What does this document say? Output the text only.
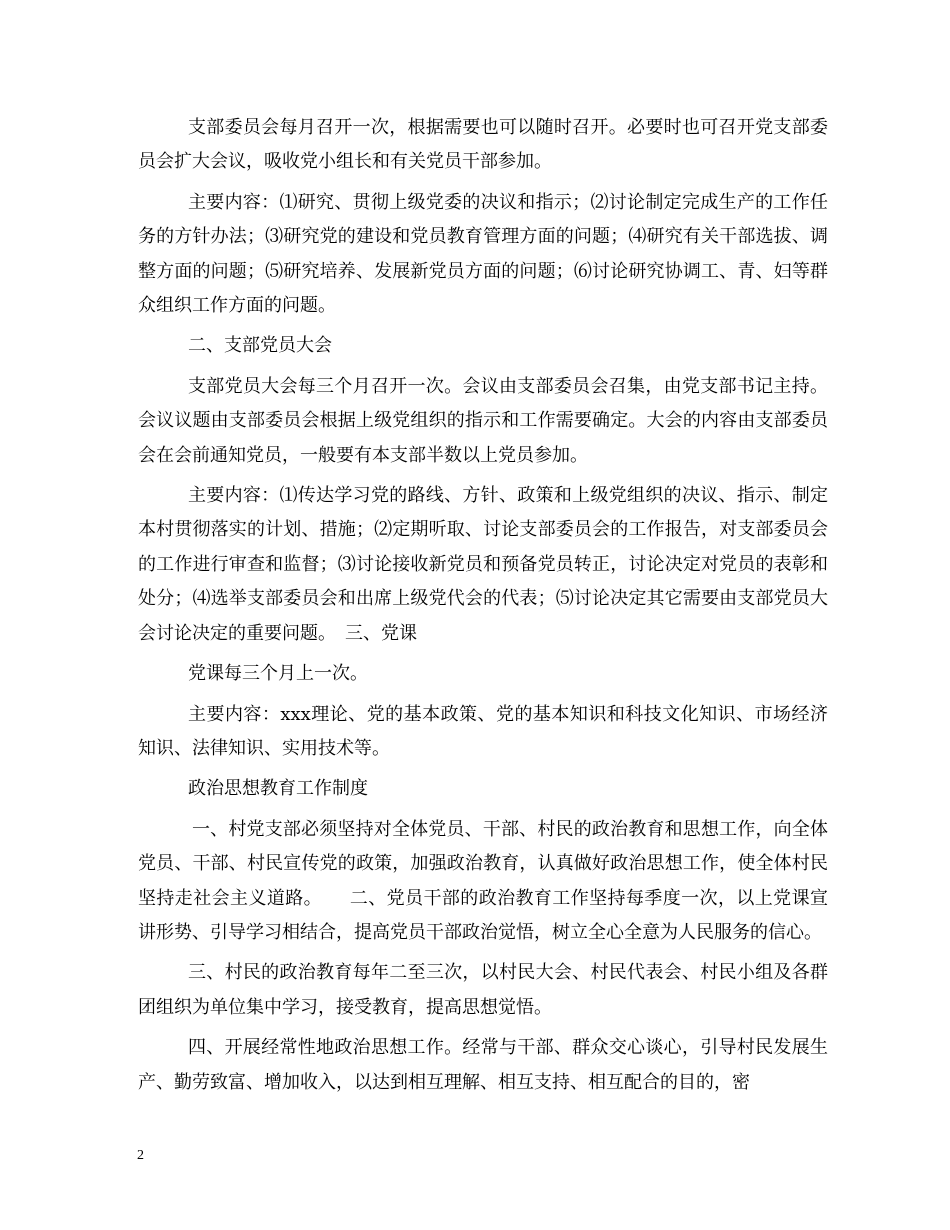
支部委员会每月召开一次，根据需要也可以随时召开。必要时也可召开党支部委员会扩大会议，吸收党小组长和有关党员干部参加。

主要内容：⑴研究、贯彻上级党委的决议和指示；⑵讨论制定完成生产的工作任务的方针办法；⑶研究党的建设和党员教育管理方面的问题；⑷研究有关干部选拔、调整方面的问题；⑸研究培养、发展新党员方面的问题；⑹讨论研究协调工、青、妇等群众组织工作方面的问题。

二、支部党员大会

支部党员大会每三个月召开一次。会议由支部委员会召集，由党支部书记主持。会议议题由支部委员会根据上级党组织的指示和工作需要确定。大会的内容由支部委员会在会前通知党员，一般要有本支部半数以上党员参加。

主要内容：⑴传达学习党的路线、方针、政策和上级党组织的决议、指示、制定本村贯彻落实的计划、措施；⑵定期听取、讨论支部委员会的工作报告，对支部委员会的工作进行审查和监督；⑶讨论接收新党员和预备党员转正，讨论决定对党员的表彰和处分；⑷选举支部委员会和出席上级党代会的代表；⑸讨论决定其它需要由支部党员大会讨论决定的重要问题。　三、党课

党课每三个月上一次。

主要内容：xxx理论、党的基本政策、党的基本知识和科技文化知识、市场经济知识、法律知识、实用技术等。

政治思想教育工作制度

一、村党支部必须坚持对全体党员、干部、村民的政治教育和思想工作，向全体党员、干部、村民宣传党的政策，加强政治教育，认真做好政治思想工作，使全体村民坚持走社会主义道路。　　二、党员干部的政治教育工作坚持每季度一次，以上党课宣讲形势、引导学习相结合，提高党员干部政治觉悟，树立全心全意为人民服务的信心。

三、村民的政治教育每年二至三次，以村民大会、村民代表会、村民小组及各群团组织为单位集中学习，接受教育，提高思想觉悟。

四、开展经常性地政治思想工作。经常与干部、群众交心谈心，引导村民发展生产、勤劳致富、增加收入，以达到相互理解、相互支持、相互配合的目的，密

2
